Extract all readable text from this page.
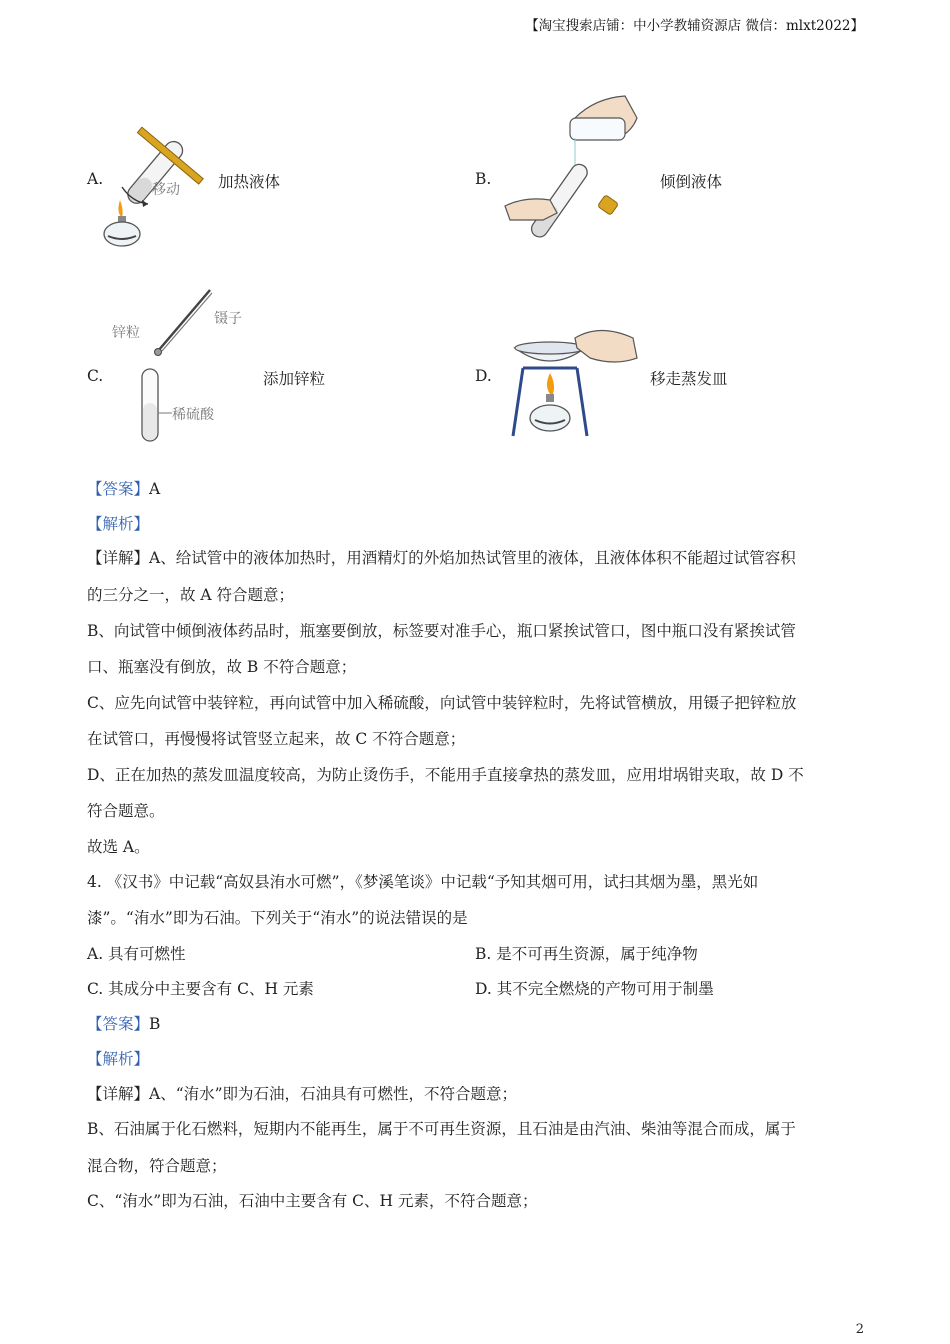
【淘宝搜索店铺：中小学教辅资源店 微信：mlxt2022】
A.
移动 加热液体	B.	倾倒液体
C.
锌粒
镊子
稀硫酸
添加锌粒	D.	移走蒸发皿
【答案】A
【解析】
【详解】A、给试管中的液体加热时，用酒精灯的外焰加热试管里的液体，且液体体积不能超过试管容积
的三分之一，故 A 符合题意；
B、向试管中倾倒液体药品时，瓶塞要倒放，标签要对准手心，瓶口紧挨试管口，图中瓶口没有紧挨试管
口、瓶塞没有倒放，故 B 不符合题意；
C、应先向试管中装锌粒，再向试管中加入稀硫酸，向试管中装锌粒时，先将试管横放，用镊子把锌粒放
在试管口，再慢慢将试管竖立起来，故 C 不符合题意；
D、正在加热的蒸发皿温度较高，为防止烫伤手，不能用手直接拿热的蒸发皿，应用坩埚钳夹取，故 D 不
符合题意。
故选 A。
4. 《汉书》中记载“高奴县洧水可燃”，《梦溪笔谈》中记载“予知其烟可用，试扫其烟为墨，黑光如
漆”。“洧水”即为石油。下列关于“洧水”的说法错误的是
A. 具有可燃性	B. 是不可再生资源，属于纯净物
C. 其成分中主要含有 C、H 元素	D. 其不完全燃烧的产物可用于制墨
【答案】B
【解析】
【详解】A、“洧水”即为石油，石油具有可燃性，不符合题意；
B、石油属于化石燃料，短期内不能再生，属于不可再生资源，且石油是由汽油、柴油等混合而成，属于
混合物，符合题意；
C、“洧水”即为石油，石油中主要含有 C、H 元素，不符合题意；
2
